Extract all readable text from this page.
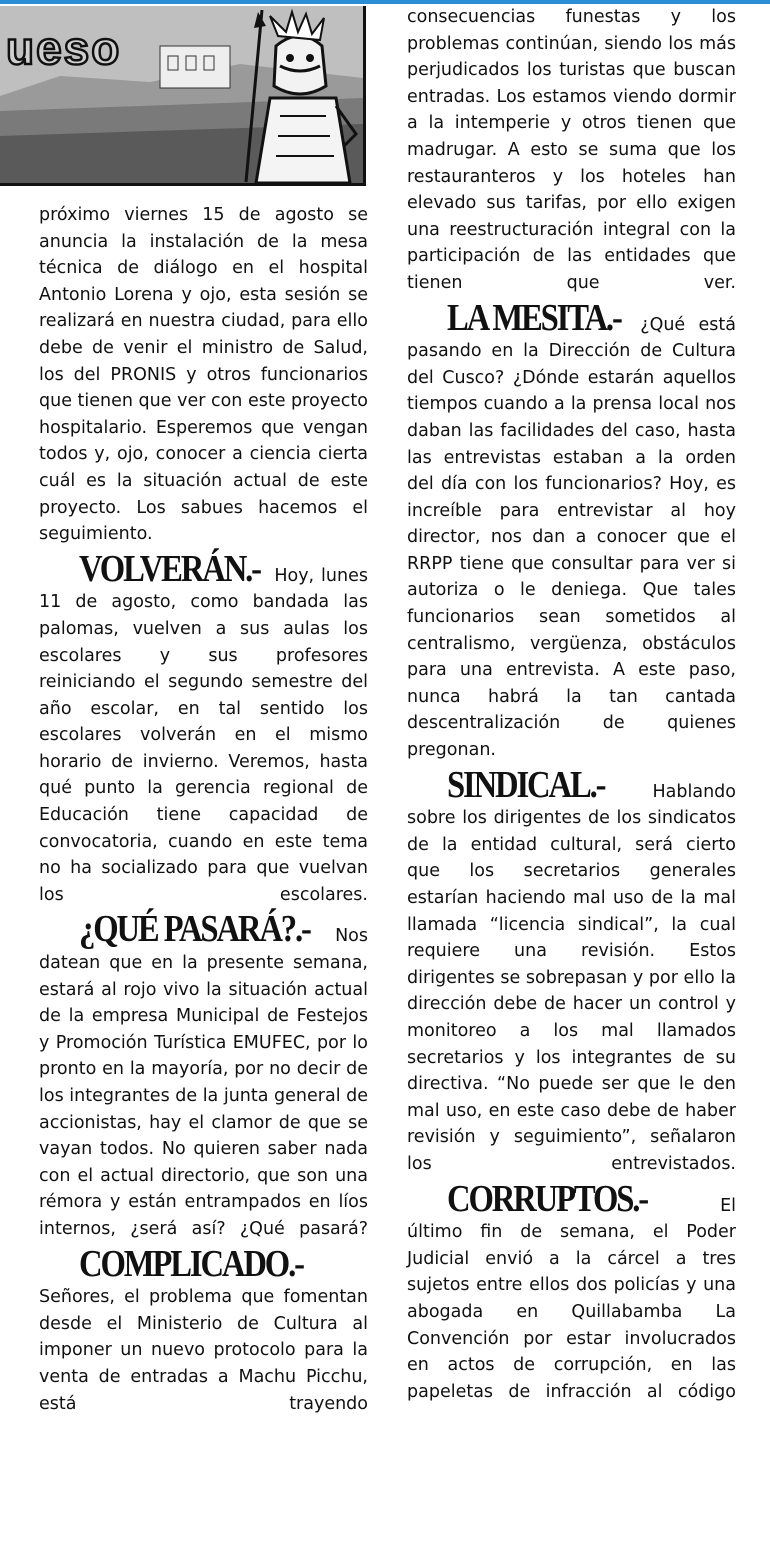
ueso

próximo viernes 15 de agosto se anuncia la instalación de la mesa técnica de diálogo en el hospital Antonio Lorena y ojo, esta sesión se realizará en nuestra ciudad, para ello debe de venir el ministro de Salud, los del PRONIS y otros funcionarios que tienen que ver con este proyecto hospitalario. Esperemos que vengan todos y, ojo, conocer a ciencia cierta cuál es la situación actual de este proyecto. Los sabues hacemos el seguimiento.

VOLVERÁN.- Hoy, lunes 11 de agosto, como bandada las palomas, vuelven a sus aulas los escolares y sus profesores reiniciando el segundo semestre del año escolar, en tal sentido los escolares volverán en el mismo horario de invierno. Veremos, hasta qué punto la gerencia regional de Educación tiene capacidad de convocatoria, cuando en este tema no ha socializado para que vuelvan los escolares.

¿QUÉ PASARÁ?.- Nos datean que en la presente semana, estará al rojo vivo la situación actual de la empresa Municipal de Festejos y Promoción Turística EMUFEC, por lo pronto en la mayoría, por no decir de los integrantes de la junta general de accionistas, hay el clamor de que se vayan todos. No quieren saber nada con el actual directorio, que son una rémora y están entrampados en líos internos, ¿será así? ¿Qué pasará?

COMPLICADO.- Señores, el problema que fomentan desde el Ministerio de Cultura al imponer un nuevo protocolo para la venta de entradas a Machu Picchu, está trayendo

consecuencias funestas y los problemas continúan, siendo los más perjudicados los turistas que buscan entradas. Los estamos viendo dormir a la intemperie y otros tienen que madrugar. A esto se suma que los restauranteros y los hoteles han elevado sus tarifas, por ello exigen una reestructuración integral con la participación de las entidades que tienen que ver.

LA MESITA.- ¿Qué está pasando en la Dirección de Cultura del Cusco? ¿Dónde estarán aquellos tiempos cuando a la prensa local nos daban las facilidades del caso, hasta las entrevistas estaban a la orden del día con los funcionarios? Hoy, es increíble para entrevistar al hoy director, nos dan a conocer que el RRPP tiene que consultar para ver si autoriza o le deniega. Que tales funcionarios sean sometidos al centralismo, vergüenza, obstáculos para una entrevista. A este paso, nunca habrá la tan cantada descentralización de quienes pregonan.

SINDICAL.-	Hablando sobre los dirigentes de los sindicatos de la entidad cultural, será cierto que los secretarios generales estarían haciendo mal uso de la mal llamada “licencia sindical”, la cual requiere una revisión. Estos dirigentes se sobrepasan y por ello la dirección debe de hacer un control y monitoreo a los mal llamados secretarios y los integrantes de su directiva. “No puede ser que le den mal uso, en este caso debe de haber revisión y seguimiento”, señalaron los entrevistados.

CORRUPTOS.-	El último fin de semana, el Poder Judicial envió a la cárcel a tres sujetos entre ellos dos policías y una abogada en Quillabamba La Convención por estar involucrados en actos de corrupción, en las papeletas de infracción al código
